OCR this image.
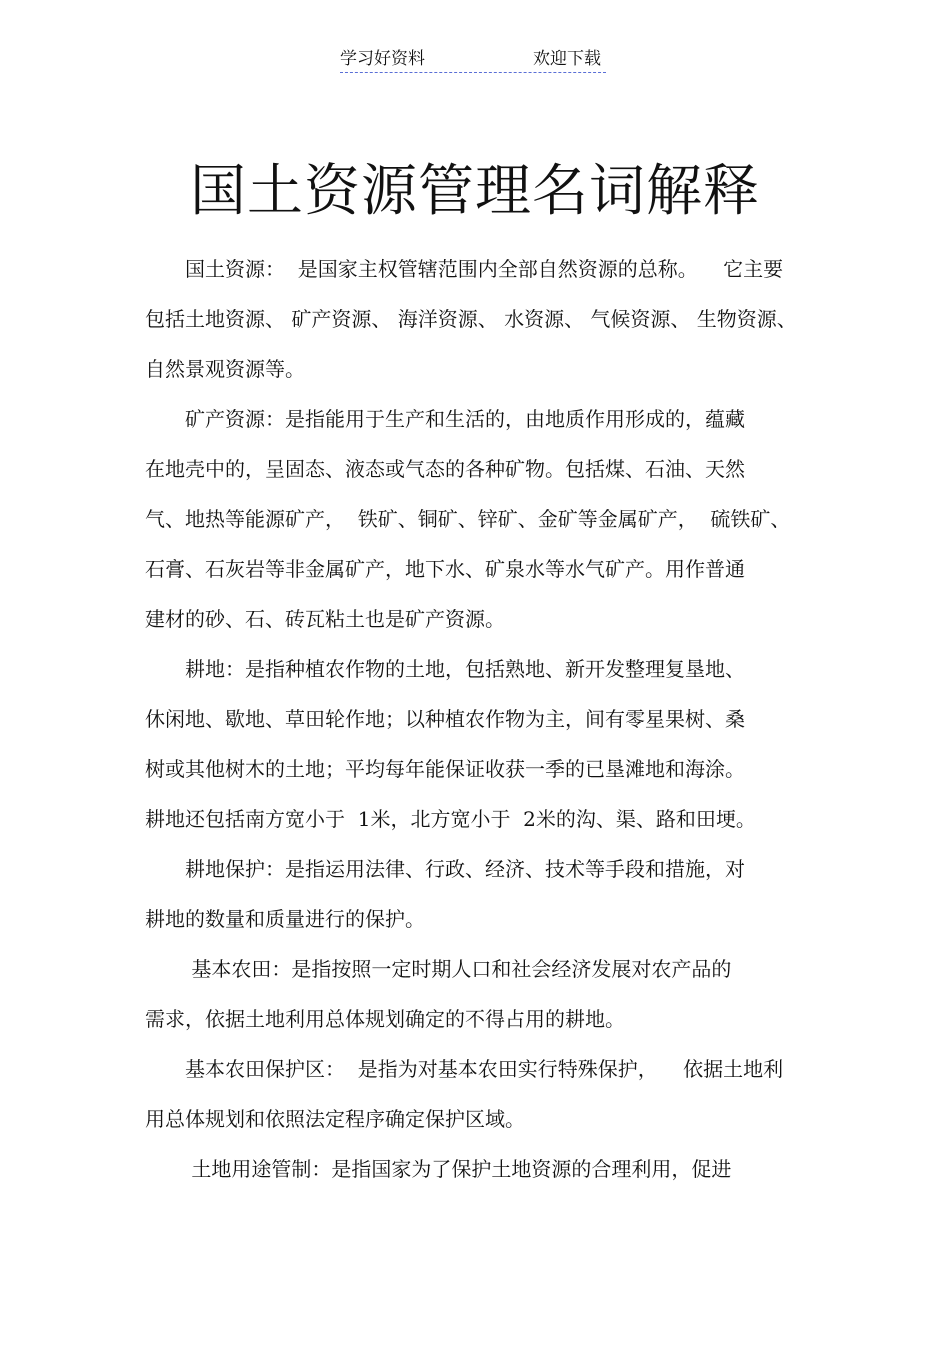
学习好资料	欢迎下载
国土资源管理名词解释
　　国土资源：  是国家主权管辖范围内全部自然资源的总称。    它主要
包括土地资源、 矿产资源、 海洋资源、 水资源、 气候资源、 生物资源、
自然景观资源等。
　　矿产资源：是指能用于生产和生活的，由地质作用形成的，蕴藏
在地壳中的，呈固态、液态或气态的各种矿物。包括煤、石油、天然
气、地热等能源矿产，  铁矿、铜矿、锌矿、金矿等金属矿产，  硫铁矿、
石膏、石灰岩等非金属矿产，地下水、矿泉水等水气矿产。用作普通
建材的砂、石、砖瓦粘土也是矿产资源。
　　耕地：是指种植农作物的土地，包括熟地、新开发整理复垦地、
休闲地、歇地、草田轮作地；以种植农作物为主，间有零星果树、桑
树或其他树木的土地；平均每年能保证收获一季的已垦滩地和海涂。
耕地还包括南方宽小于  1米，北方宽小于  2米的沟、渠、路和田埂。
　　耕地保护：是指运用法律、行政、经济、技术等手段和措施，对
耕地的数量和质量进行的保护。
　　 基本农田：是指按照一定时期人口和社会经济发展对农产品的
需求，依据土地利用总体规划确定的不得占用的耕地。
　　基本农田保护区：  是指为对基本农田实行特殊保护，    依据土地利
用总体规划和依照法定程序确定保护区域。
　　 土地用途管制：是指国家为了保护土地资源的合理利用，促进
